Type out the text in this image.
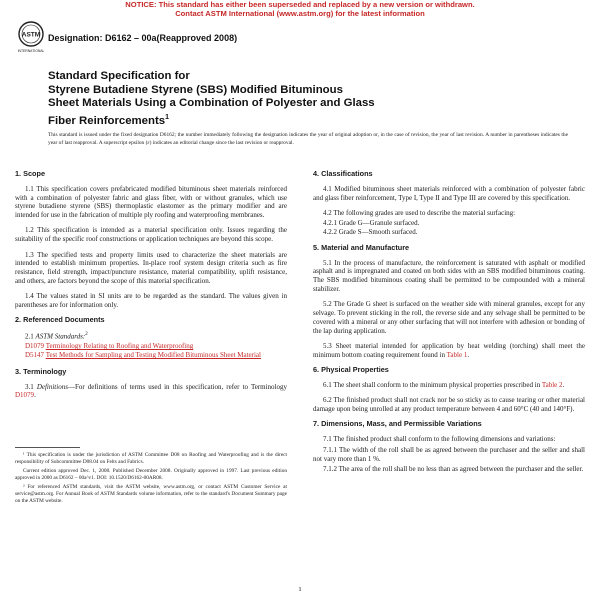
NOTICE: This standard has either been superseded and replaced by a new version or withdrawn.
Contact ASTM International (www.astm.org) for the latest information
ASTM
INTERNATIONAL
Designation: D6162 – 00a(Reapproved 2008)
Standard Specification for
Styrene Butadiene Styrene (SBS) Modified Bituminous
Sheet Materials Using a Combination of Polyester and Glass
Fiber Reinforcements$^1$
This standard is issued under the fixed designation D6162; the number immediately following the designation indicates the year of original adoption or, in the case of revision, the year of last revision. A number in parentheses indicates the year of last reapproval. A superscript epsilon (ε) indicates an editorial change since the last revision or reapproval.
1. Scope

1.1 This specification covers prefabricated modified bituminous sheet materials reinforced with a combination of polyester fabric and glass fiber, with or without granules, which use styrene butadiene styrene (SBS) thermoplastic elastomer as the primary modifier and are intended for use in the fabrication of multiple ply roofing and waterproofing membranes.

1.2 This specification is intended as a material specification only. Issues regarding the suitability of the specific roof constructions or application techniques are beyond this scope.

1.3 The specified tests and property limits used to characterize the sheet materials are intended to establish minimum properties. In-place roof system design criteria such as fire resistance, field strength, impact/puncture resistance, material compatibility, uplift resistance, and others, are factors beyond the scope of this material specification.

1.4 The values stated in SI units are to be regarded as the standard. The values given in parentheses are for information only.

2. Referenced Documents

2.1 ASTM Standards:$^2$

D1079 Terminology Relating to Roofing and Waterproofing
D5147 Test Methods for Sampling and Testing Modified Bituminous Sheet Material
3. Terminology

3.1 Definitions—For definitions of terms used in this specification, refer to Terminology D1079.

¹ This specification is under the jurisdiction of ASTM Committee D08 on Roofing and Waterproofing and is the direct responsibility of Subcommittee D08.04 on Felts and Fabrics.

Current edition approved Dec. 1, 2008. Published December 2008. Originally approved in 1997. Last previous edition approved in 2000 as D6162 – 00a^ε1. DOI: 10.1520/D6162-00AR08.

² For referenced ASTM standards, visit the ASTM website, www.astm.org, or contact ASTM Customer Service at service@astm.org. For Annual Book of ASTM Standards volume information, refer to the standard's Document Summary page on the ASTM website.

4. Classifications

4.1 Modified bituminous sheet materials reinforced with a combination of polyester fabric and glass fiber reinforcement, Type I, Type II and Type III are covered by this specification.

4.2 The following grades are used to describe the material surfacing:

4.2.1 Grade G—Granule surfaced.

4.2.2 Grade S—Smooth surfaced.

5. Material and Manufacture

5.1 In the process of manufacture, the reinforcement is saturated with asphalt or modified asphalt and is impregnated and coated on both sides with an SBS modified bituminous coating. The SBS modified bituminous coating shall be permitted to be compounded with a mineral stabilizer.

5.2 The Grade G sheet is surfaced on the weather side with mineral granules, except for any selvage. To prevent sticking in the roll, the reverse side and any selvage shall be permitted to be covered with a mineral or any other surfacing that will not interfere with adhesion or bonding of the lap during application.

5.3 Sheet material intended for application by heat welding (torching) shall meet the minimum bottom coating requirement found in Table 1.

6. Physical Properties

6.1 The sheet shall conform to the minimum physical properties prescribed in Table 2.

6.2 The finished product shall not crack nor be so sticky as to cause tearing or other material damage upon being unrolled at any product temperature between 4 and 60°C (40 and 140°F).

7. Dimensions, Mass, and Permissible Variations

7.1 The finished product shall conform to the following dimensions and variations:

7.1.1 The width of the roll shall be as agreed between the purchaser and the seller and shall not vary more than 1 %.

7.1.2 The area of the roll shall be no less than as agreed between the purchaser and the seller.

1
